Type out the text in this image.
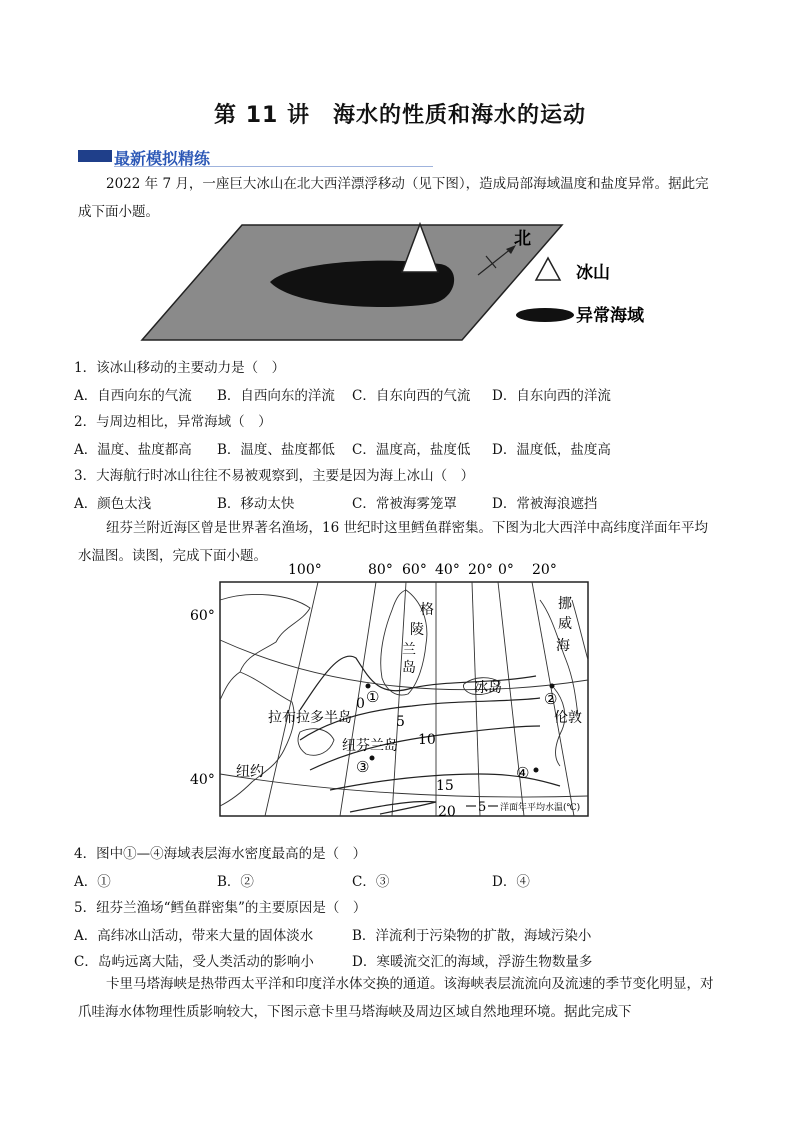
第 11 讲　海水的性质和海水的运动
最新模拟精练
2022 年 7 月，一座巨大冰山在北大西洋漂浮移动（见下图），造成局部海域温度和盐度异常。据此完成下面小题。
北
冰山
异常海域
1．该冰山移动的主要动力是（　）
A．自西向东的气流 B．自西向东的洋流 C．自东向西的气流 D．自东向西的洋流
2．与周边相比，异常海域（　）
A．温度、盐度都高 B．温度、盐度都低 C．温度高，盐度低 D．温度低，盐度高
3．大海航行时冰山往往不易被观察到，主要是因为海上冰山（　）
A．颜色太浅	B．移动太快	C．常被海雾笼罩	D．常被海浪遮挡
纽芬兰附近海区曾是世界著名渔场，16 世纪时这里鳕鱼群密集。下图为北大西洋中高纬度洋面年平均水温图。读图，完成下面小题。
100°	80° 60° 40° 20° 0° 20°
60°
40°
格
陵
兰
岛
挪
威
海
冰岛
伦敦
拉布拉多半岛
纽芬兰岛
纽约
0
5
10
15
20
①	②
③	④
5 洋面年平均水温(℃)
4．图中①—④海域表层海水密度最高的是（　）
A．①	B．②	C．③	D．④
5．纽芬兰渔场“鳕鱼群密集”的主要原因是（　）
A．高纬冰山活动，带来大量的固体淡水	B．洋流利于污染物的扩散，海域污染小
C．岛屿远离大陆，受人类活动的影响小	D．寒暖流交汇的海域，浮游生物数量多
卡里马塔海峡是热带西太平洋和印度洋水体交换的通道。该海峡表层流流向及流速的季节变化明显，对爪哇海水体物理性质影响较大，下图示意卡里马塔海峡及周边区域自然地理环境。据此完成下
